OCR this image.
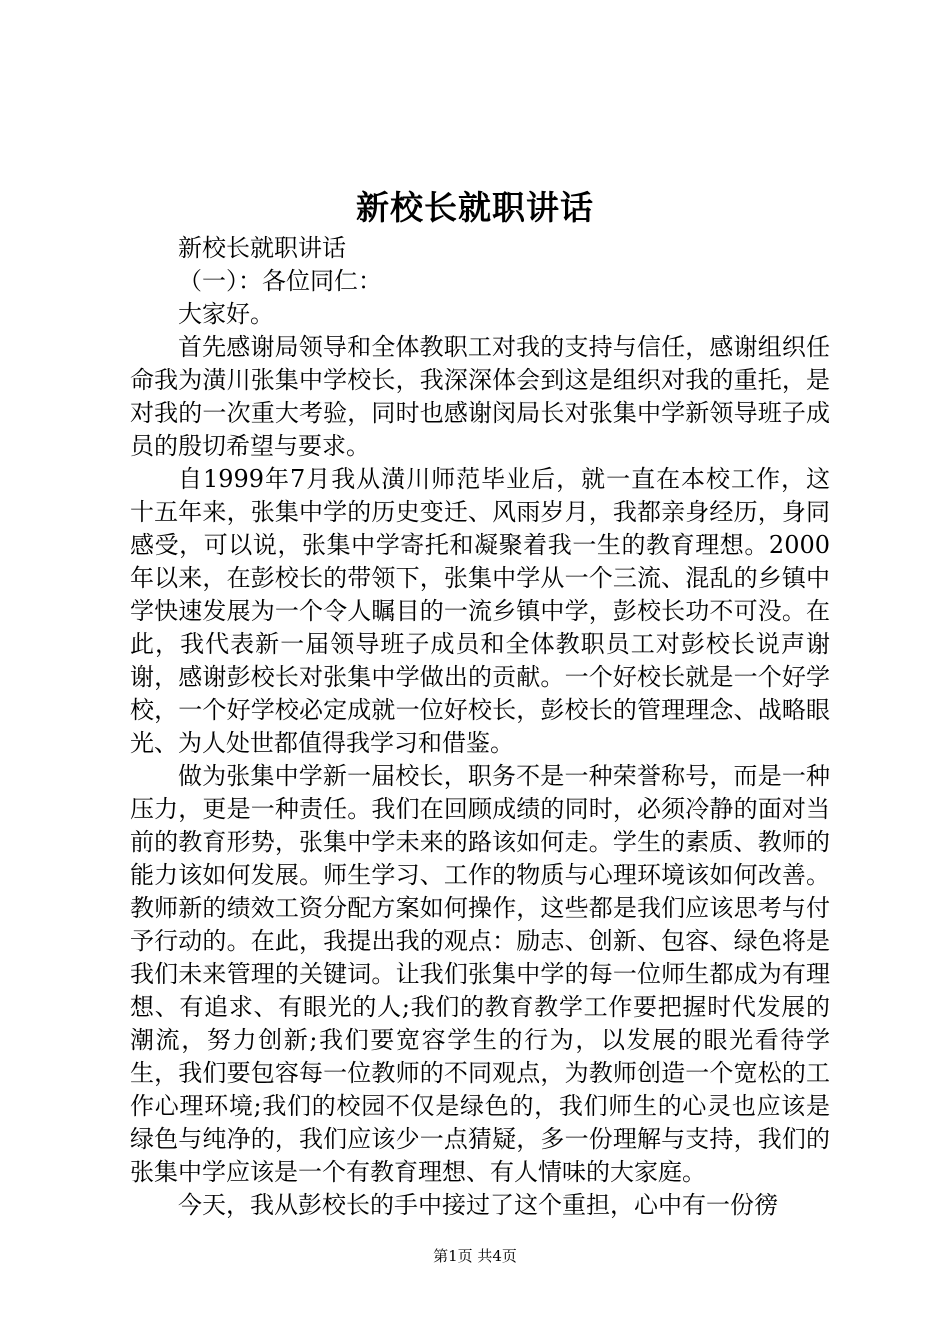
新校长就职讲话

新校长就职讲话

（一）：各位同仁：

大家好。

首先感谢局领导和全体教职工对我的支持与信任，感谢组织任命我为潢川张集中学校长，我深深体会到这是组织对我的重托，是对我的一次重大考验，同时也感谢闵局长对张集中学新领导班子成员的殷切希望与要求。

自1999年7月我从潢川师范毕业后，就一直在本校工作，这十五年来，张集中学的历史变迁、风雨岁月，我都亲身经历，身同感受，可以说，张集中学寄托和凝聚着我一生的教育理想。2000年以来，在彭校长的带领下，张集中学从一个三流、混乱的乡镇中学快速发展为一个令人瞩目的一流乡镇中学，彭校长功不可没。在此，我代表新一届领导班子成员和全体教职员工对彭校长说声谢谢，感谢彭校长对张集中学做出的贡献。一个好校长就是一个好学校，一个好学校必定成就一位好校长，彭校长的管理理念、战略眼光、为人处世都值得我学习和借鉴。

做为张集中学新一届校长，职务不是一种荣誉称号，而是一种压力，更是一种责任。我们在回顾成绩的同时，必须冷静的面对当前的教育形势，张集中学未来的路该如何走。学生的素质、教师的能力该如何发展。师生学习、工作的物质与心理环境该如何改善。教师新的绩效工资分配方案如何操作，这些都是我们应该思考与付予行动的。在此，我提出我的观点：励志、创新、包容、绿色将是我们未来管理的关键词。让我们张集中学的每一位师生都成为有理想、有追求、有眼光的人;我们的教育教学工作要把握时代发展的潮流，努力创新;我们要宽容学生的行为，以发展的眼光看待学生，我们要包容每一位教师的不同观点，为教师创造一个宽松的工作心理环境;我们的校园不仅是绿色的，我们师生的心灵也应该是绿色与纯净的，我们应该少一点猜疑，多一份理解与支持，我们的张集中学应该是一个有教育理想、有人情味的大家庭。

今天，我从彭校长的手中接过了这个重担，心中有一份徬

第1页 共4页
